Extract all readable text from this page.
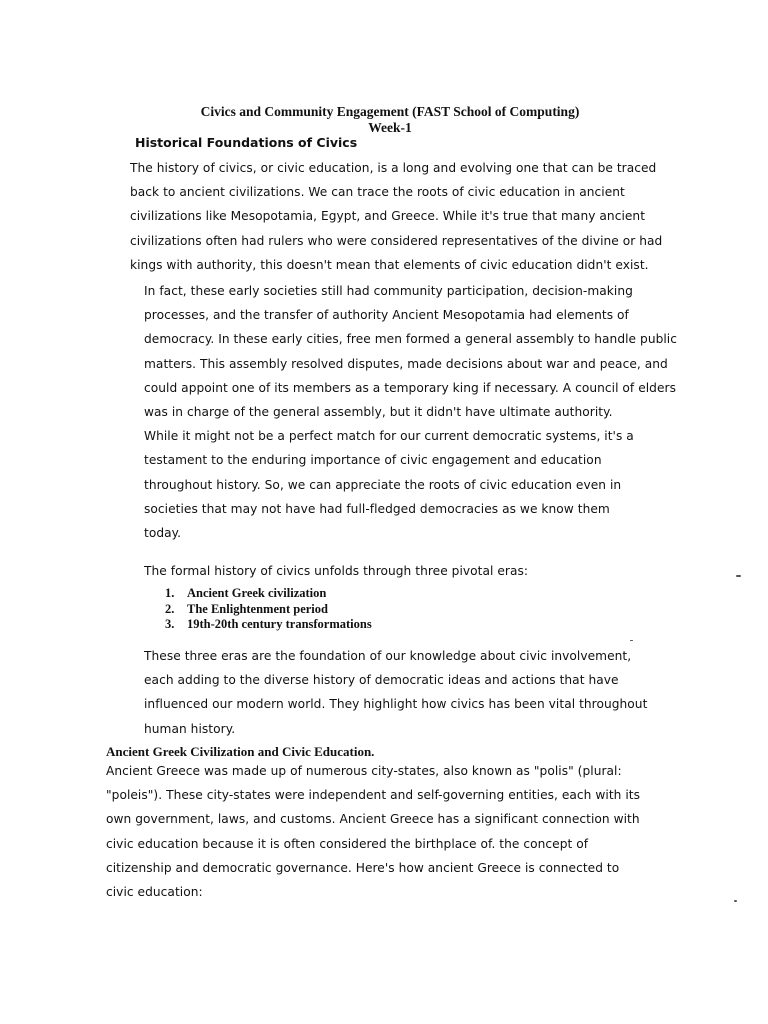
Civics and Community Engagement (FAST School of Computing)
Week-1
Historical Foundations of Civics
The history of civics, or civic education, is a long and evolving one that can be traced
back to ancient civilizations. We can trace the roots of civic education in ancient
civilizations like Mesopotamia, Egypt, and Greece. While it's true that many ancient
civilizations often had rulers who were considered representatives of the divine or had
kings with authority, this doesn't mean that elements of civic education didn't exist.
In fact, these early societies still had community participation, decision-making
processes, and the transfer of authority Ancient Mesopotamia had elements of
democracy. In these early cities, free men formed a general assembly to handle public
matters. This assembly resolved disputes, made decisions about war and peace, and
could appoint one of its members as a temporary king if necessary. A council of elders
was in charge of the general assembly, but it didn't have ultimate authority.
While it might not be a perfect match for our current democratic systems, it's a
testament to the enduring importance of civic engagement and education
throughout history. So, we can appreciate the roots of civic education even in
societies that may not have had full-fledged democracies as we know them
today.

The formal history of civics unfolds through three pivotal eras:

1. Ancient Greek civilization
2. The Enlightenment period
3. 19th-20th century transformations
These three eras are the foundation of our knowledge about civic involvement,
each adding to the diverse history of democratic ideas and actions that have
influenced our modern world. They highlight how civics has been vital throughout
human history.
Ancient Greek Civilization and Civic Education.
Ancient Greece was made up of numerous city-states, also known as "polis" (plural:
"poleis"). These city-states were independent and self-governing entities, each with its
own government, laws, and customs. Ancient Greece has a significant connection with
civic education because it is often considered the birthplace of. the concept of
citizenship and democratic governance. Here's how ancient Greece is connected to
civic education:
